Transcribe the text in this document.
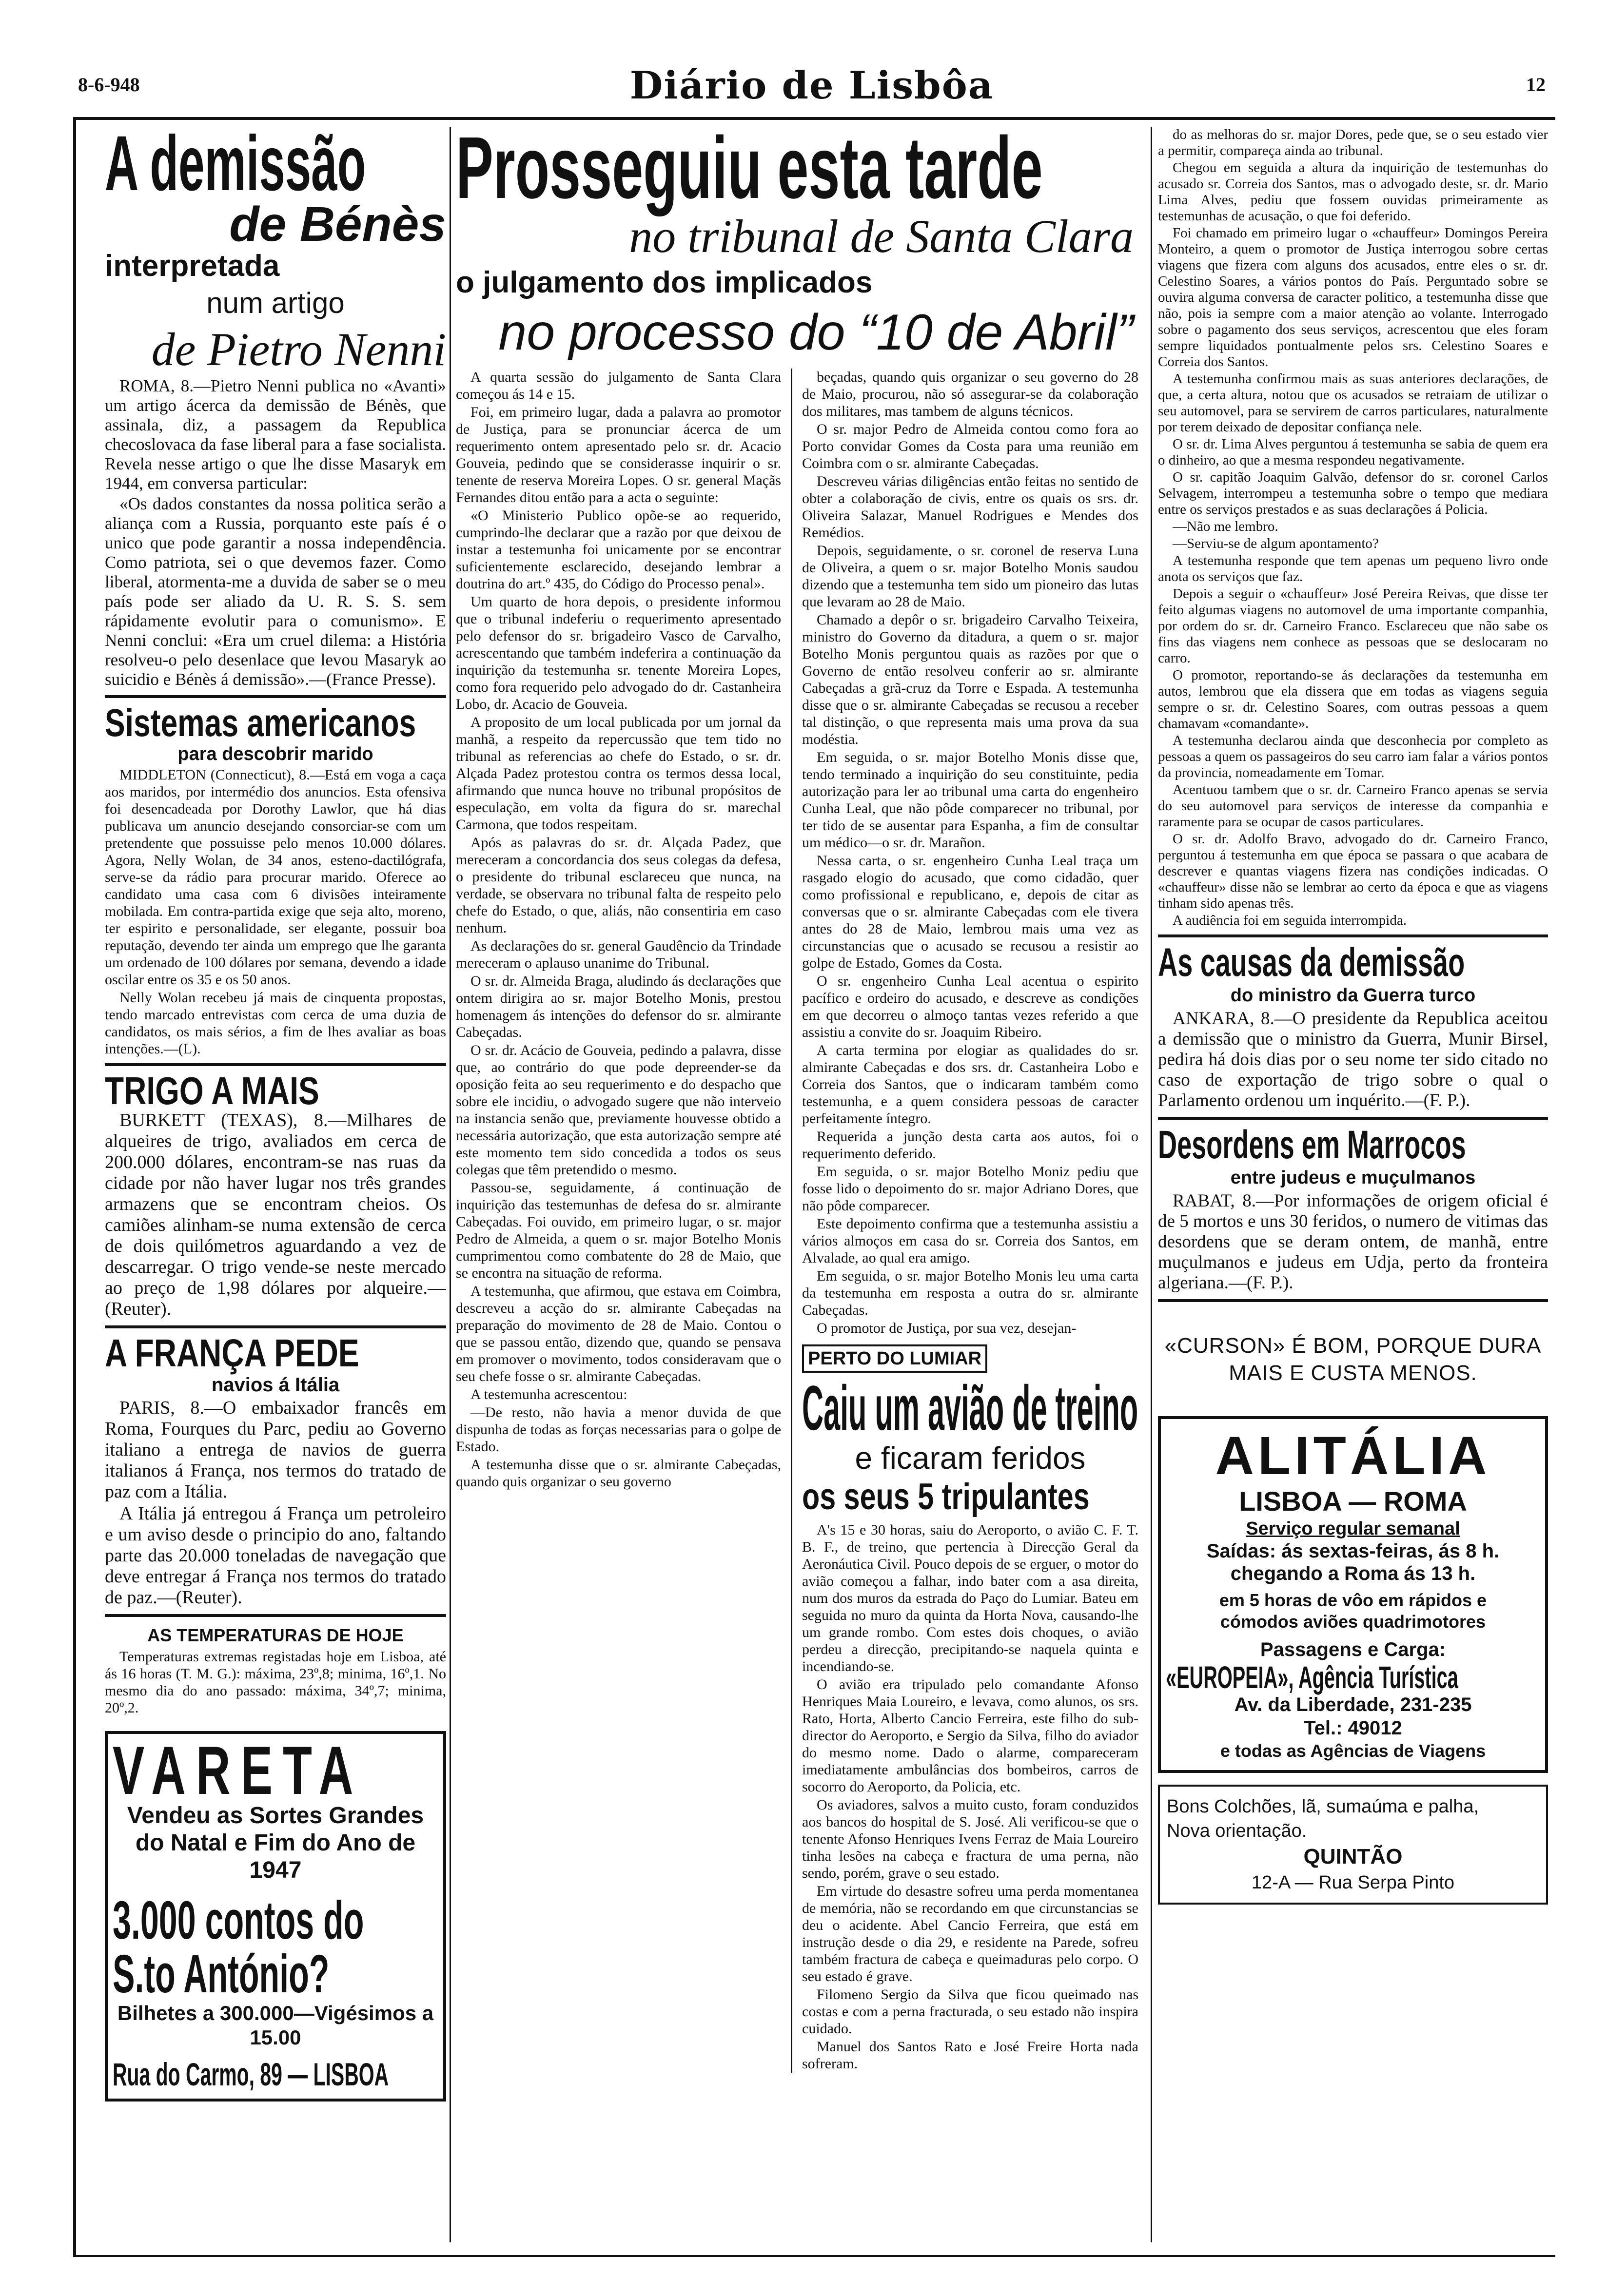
8-6-948	Diário de Lisbôa	12
A demissão
de Bénès
interpretada
num artigo
de Pietro Nenni

ROMA, 8.—Pietro Nenni publica no «Avanti» um artigo ácerca da demissão de Bénès, que assinala, diz, a passagem da Republica checoslovaca da fase liberal para a fase socialista. Revela nesse artigo o que lhe disse Masaryk em 1944, em conversa particular:

«Os dados constantes da nossa politica serão a aliança com a Russia, porquanto este país é o unico que pode garantir a nossa independência. Como patriota, sei o que devemos fazer. Como liberal, atormenta-me a duvida de saber se o meu país pode ser aliado da U. R. S. S. sem rápidamente evolutir para o comunismo». E Nenni conclui: «Era um cruel dilema: a História resolveu-o pelo desenlace que levou Masaryk ao suicidio e Bénès á demissão».—(France Presse).

Sistemas americanos
para descobrir marido

MIDDLETON (Connecticut), 8.—Está em voga a caça aos maridos, por intermédio dos anuncios. Esta ofensiva foi desencadeada por Dorothy Lawlor, que há dias publicava um anuncio desejando consorciar-se com um pretendente que possuisse pelo menos 10.000 dólares. Agora, Nelly Wolan, de 34 anos, esteno-dactilógrafa, serve-se da rádio para procurar marido. Oferece ao candidato uma casa com 6 divisões inteiramente mobilada. Em contra-partida exige que seja alto, moreno, ter espirito e personalidade, ser elegante, possuir boa reputação, devendo ter ainda um emprego que lhe garanta um ordenado de 100 dólares por semana, devendo a idade oscilar entre os 35 e os 50 anos.

Nelly Wolan recebeu já mais de cinquenta propostas, tendo marcado entrevistas com cerca de uma duzia de candidatos, os mais sérios, a fim de lhes avaliar as boas intenções.—(L).

TRIGO A MAIS

BURKETT (TEXAS), 8.—Milhares de alqueires de trigo, avaliados em cerca de 200.000 dólares, encontram-se nas ruas da cidade por não haver lugar nos três grandes armazens que se encontram cheios. Os camiões alinham-se numa extensão de cerca de dois quilómetros aguardando a vez de descarregar. O trigo vende-se neste mercado ao preço de 1,98 dólares por alqueire.—(Reuter).

A FRANÇA PEDE
navios á Itália

PARIS, 8.—O embaixador francês em Roma, Fourques du Parc, pediu ao Governo italiano a entrega de navios de guerra italianos á França, nos termos do tratado de paz com a Itália.

A Itália já entregou á França um petroleiro e um aviso desde o principio do ano, faltando parte das 20.000 toneladas de navegação que deve entregar á França nos termos do tratado de paz.—(Reuter).

AS TEMPERATURAS DE HOJE

Temperaturas extremas registadas hoje em Lisboa, até ás 16 horas (T. M. G.): máxima, 23º,8; minima, 16º,1. No mesmo dia do ano passado: máxima, 34º,7; minima, 20º,2.

VARETA
Vendeu as Sortes Grandes do Natal e Fim do Ano de 1947
3.000 contos do
S.to António?
Bilhetes a 300.000—Vigésimos a 15.00
Rua do Carmo, 89 — LISBOA
Prosseguiu esta tarde
no tribunal de Santa Clara
o julgamento dos implicados
no processo do “10 de Abril”

A quarta sessão do julgamento de Santa Clara começou ás 14 e 15.

Foi, em primeiro lugar, dada a palavra ao promotor de Justiça, para se pronunciar ácerca de um requerimento ontem apresentado pelo sr. dr. Acacio Gouveia, pedindo que se considerasse inquirir o sr. tenente de reserva Moreira Lopes. O sr. general Maçãs Fernandes ditou então para a acta o seguinte:

«O Ministerio Publico opõe-se ao requerido, cumprindo-lhe declarar que a razão por que deixou de instar a testemunha foi unicamente por se encontrar suficientemente esclarecido, desejando lembrar a doutrina do art.º 435, do Código do Processo penal».

Um quarto de hora depois, o presidente informou que o tribunal indeferiu o requerimento apresentado pelo defensor do sr. brigadeiro Vasco de Carvalho, acrescentando que também indeferira a continuação da inquirição da testemunha sr. tenente Moreira Lopes, como fora requerido pelo advogado do dr. Castanheira Lobo, dr. Acacio de Gouveia.

A proposito de um local publicada por um jornal da manhã, a respeito da repercussão que tem tido no tribunal as referencias ao chefe do Estado, o sr. dr. Alçada Padez protestou contra os termos dessa local, afirmando que nunca houve no tribunal propósitos de especulação, em volta da figura do sr. marechal Carmona, que todos respeitam.

Após as palavras do sr. dr. Alçada Padez, que mereceram a concordancia dos seus colegas da defesa, o presidente do tribunal esclareceu que nunca, na verdade, se observara no tribunal falta de respeito pelo chefe do Estado, o que, aliás, não consentiria em caso nenhum.

As declarações do sr. general Gaudêncio da Trindade mereceram o aplauso unanime do Tribunal.

O sr. dr. Almeida Braga, aludindo ás declarações que ontem dirigira ao sr. major Botelho Monis, prestou homenagem ás intenções do defensor do sr. almirante Cabeçadas.

O sr. dr. Acácio de Gouveia, pedindo a palavra, disse que, ao contrário do que pode depreender-se da oposição feita ao seu requerimento e do despacho que sobre ele incidiu, o advogado sugere que não interveio na instancia senão que, previamente houvesse obtido a necessária autorização, que esta autorização sempre até este momento tem sido concedida a todos os seus colegas que têm pretendido o mesmo.

Passou-se, seguidamente, á continuação de inquirição das testemunhas de defesa do sr. almirante Cabeçadas. Foi ouvido, em primeiro lugar, o sr. major Pedro de Almeida, a quem o sr. major Botelho Monis cumprimentou como combatente do 28 de Maio, que se encontra na situação de reforma.

A testemunha, que afirmou, que estava em Coimbra, descreveu a acção do sr. almirante Cabeçadas na preparação do movimento de 28 de Maio. Contou o que se passou então, dizendo que, quando se pensava em promover o movimento, todos consideravam que o seu chefe fosse o sr. almirante Cabeçadas.

A testemunha acrescentou:

—De resto, não havia a menor duvida de que dispunha de todas as forças necessarias para o golpe de Estado.

A testemunha disse que o sr. almirante Cabeçadas, quando quis organizar o seu governo

beçadas, quando quis organizar o seu governo do 28 de Maio, procurou, não só assegurar-se da colaboração dos militares, mas tambem de alguns técnicos.

O sr. major Pedro de Almeida contou como fora ao Porto convidar Gomes da Costa para uma reunião em Coimbra com o sr. almirante Cabeçadas.

Descreveu várias diligências então feitas no sentido de obter a colaboração de civis, entre os quais os srs. dr. Oliveira Salazar, Manuel Rodrigues e Mendes dos Remédios.

Depois, seguidamente, o sr. coronel de reserva Luna de Oliveira, a quem o sr. major Botelho Monis saudou dizendo que a testemunha tem sido um pioneiro das lutas que levaram ao 28 de Maio.

Chamado a depôr o sr. brigadeiro Carvalho Teixeira, ministro do Governo da ditadura, a quem o sr. major Botelho Monis perguntou quais as razões por que o Governo de então resolveu conferir ao sr. almirante Cabeçadas a grã-cruz da Torre e Espada. A testemunha disse que o sr. almirante Cabeçadas se recusou a receber tal distinção, o que representa mais uma prova da sua modéstia.

Em seguida, o sr. major Botelho Monis disse que, tendo terminado a inquirição do seu constituinte, pedia autorização para ler ao tribunal uma carta do engenheiro Cunha Leal, que não pôde comparecer no tribunal, por ter tido de se ausentar para Espanha, a fim de consultar um médico—o sr. dr. Marañon.

Nessa carta, o sr. engenheiro Cunha Leal traça um rasgado elogio do acusado, que como cidadão, quer como profissional e republicano, e, depois de citar as conversas que o sr. almirante Cabeçadas com ele tivera antes do 28 de Maio, lembrou mais uma vez as circunstancias que o acusado se recusou a resistir ao golpe de Estado, Gomes da Costa.

O sr. engenheiro Cunha Leal acentua o espirito pacífico e ordeiro do acusado, e descreve as condições em que decorreu o almoço tantas vezes referido a que assistiu a convite do sr. Joaquim Ribeiro.

A carta termina por elogiar as qualidades do sr. almirante Cabeçadas e dos srs. dr. Castanheira Lobo e Correia dos Santos, que o indicaram também como testemunha, e a quem considera pessoas de caracter perfeitamente íntegro.

Requerida a junção desta carta aos autos, foi o requerimento deferido.

Em seguida, o sr. major Botelho Moniz pediu que fosse lido o depoimento do sr. major Adriano Dores, que não pôde comparecer.

Este depoimento confirma que a testemunha assistiu a vários almoços em casa do sr. Correia dos Santos, em Alvalade, ao qual era amigo.

Em seguida, o sr. major Botelho Monis leu uma carta da testemunha em resposta a outra do sr. almirante Cabeçadas.

O promotor de Justiça, por sua vez, desejan-

PERTO DO LUMIAR
Caiu um avião de treino
e ficaram feridos
os seus 5 tripulantes

A's 15 e 30 horas, saiu do Aeroporto, o avião C. F. T. B. F., de treino, que pertencia à Direcção Geral da Aeronáutica Civil. Pouco depois de se erguer, o motor do avião começou a falhar, indo bater com a asa direita, num dos muros da estrada do Paço do Lumiar. Bateu em seguida no muro da quinta da Horta Nova, causando-lhe um grande rombo. Com estes dois choques, o avião perdeu a direcção, precipitando-se naquela quinta e incendiando-se.

O avião era tripulado pelo comandante Afonso Henriques Maia Loureiro, e levava, como alunos, os srs. Rato, Horta, Alberto Cancio Ferreira, este filho do sub-director do Aeroporto, e Sergio da Silva, filho do aviador do mesmo nome. Dado o alarme, compareceram imediatamente ambulâncias dos bombeiros, carros de socorro do Aeroporto, da Policia, etc.

Os aviadores, salvos a muito custo, foram conduzidos aos bancos do hospital de S. José. Ali verificou-se que o tenente Afonso Henriques Ivens Ferraz de Maia Loureiro tinha lesões na cabeça e fractura de uma perna, não sendo, porém, grave o seu estado.

Em virtude do desastre sofreu uma perda momentanea de memória, não se recordando em que circunstancias se deu o acidente. Abel Cancio Ferreira, que está em instrução desde o dia 29, e residente na Parede, sofreu também fractura de cabeça e queimaduras pelo corpo. O seu estado é grave.

Filomeno Sergio da Silva que ficou queimado nas costas e com a perna fracturada, o seu estado não inspira cuidado.

Manuel dos Santos Rato e José Freire Horta nada sofreram.

do as melhoras do sr. major Dores, pede que, se o seu estado vier a permitir, compareça ainda ao tribunal.

Chegou em seguida a altura da inquirição de testemunhas do acusado sr. Correia dos Santos, mas o advogado deste, sr. dr. Mario Lima Alves, pediu que fossem ouvidas primeiramente as testemunhas de acusação, o que foi deferido.

Foi chamado em primeiro lugar o «chauffeur» Domingos Pereira Monteiro, a quem o promotor de Justiça interrogou sobre certas viagens que fizera com alguns dos acusados, entre eles o sr. dr. Celestino Soares, a vários pontos do País. Perguntado sobre se ouvira alguma conversa de caracter politico, a testemunha disse que não, pois ia sempre com a maior atenção ao volante. Interrogado sobre o pagamento dos seus serviços, acrescentou que eles foram sempre liquidados pontualmente pelos srs. Celestino Soares e Correia dos Santos.

A testemunha confirmou mais as suas anteriores declarações, de que, a certa altura, notou que os acusados se retraiam de utilizar o seu automovel, para se servirem de carros particulares, naturalmente por terem deixado de depositar confiança nele.

O sr. dr. Lima Alves perguntou á testemunha se sabia de quem era o dinheiro, ao que a mesma respondeu negativamente.

O sr. capitão Joaquim Galvão, defensor do sr. coronel Carlos Selvagem, interrompeu a testemunha sobre o tempo que mediara entre os serviços prestados e as suas declarações á Policia.

—Não me lembro.

—Serviu-se de algum apontamento?

A testemunha responde que tem apenas um pequeno livro onde anota os serviços que faz.

Depois a seguir o «chauffeur» José Pereira Reivas, que disse ter feito algumas viagens no automovel de uma importante companhia, por ordem do sr. dr. Carneiro Franco. Esclareceu que não sabe os fins das viagens nem conhece as pessoas que se deslocaram no carro.

O promotor, reportando-se ás declarações da testemunha em autos, lembrou que ela dissera que em todas as viagens seguia sempre o sr. dr. Celestino Soares, com outras pessoas a quem chamavam «comandante».

A testemunha declarou ainda que desconhecia por completo as pessoas a quem os passageiros do seu carro iam falar a vários pontos da provincia, nomeadamente em Tomar.

Acentuou tambem que o sr. dr. Carneiro Franco apenas se servia do seu automovel para serviços de interesse da companhia e raramente para se ocupar de casos particulares.

O sr. dr. Adolfo Bravo, advogado do dr. Carneiro Franco, perguntou á testemunha em que época se passara o que acabara de descrever e quantas viagens fizera nas condições indicadas. O «chauffeur» disse não se lembrar ao certo da época e que as viagens tinham sido apenas três.

A audiência foi em seguida interrompida.

As causas da demissão
do ministro da Guerra turco

ANKARA, 8.—O presidente da Republica aceitou a demissão que o ministro da Guerra, Munir Birsel, pedira há dois dias por o seu nome ter sido citado no caso de exportação de trigo sobre o qual o Parlamento ordenou um inquérito.—(F. P.).

Desordens em Marrocos
entre judeus e muçulmanos

RABAT, 8.—Por informações de origem oficial é de 5 mortos e uns 30 feridos, o numero de vitimas das desordens que se deram ontem, de manhã, entre muçulmanos e judeus em Udja, perto da fronteira algeriana.—(F. P.).

«CURSON» É BOM, PORQUE DURA MAIS E CUSTA MENOS.
ALITÁLIA
LISBOA — ROMA
Serviço regular semanal
Saídas: ás sextas-feiras, ás 8 h.
chegando a Roma ás 13 h.
em 5 horas de vôo em rápidos e
cómodos aviões quadrimotores
Passagens e Carga:
«EUROPEIA», Agência Turística
Av. da Liberdade, 231-235
Tel.: 49012
e todas as Agências de Viagens
Bons Colchões, lã, sumaúma e palha,
Nova orientação.
QUINTÃO
12-A — Rua Serpa Pinto
